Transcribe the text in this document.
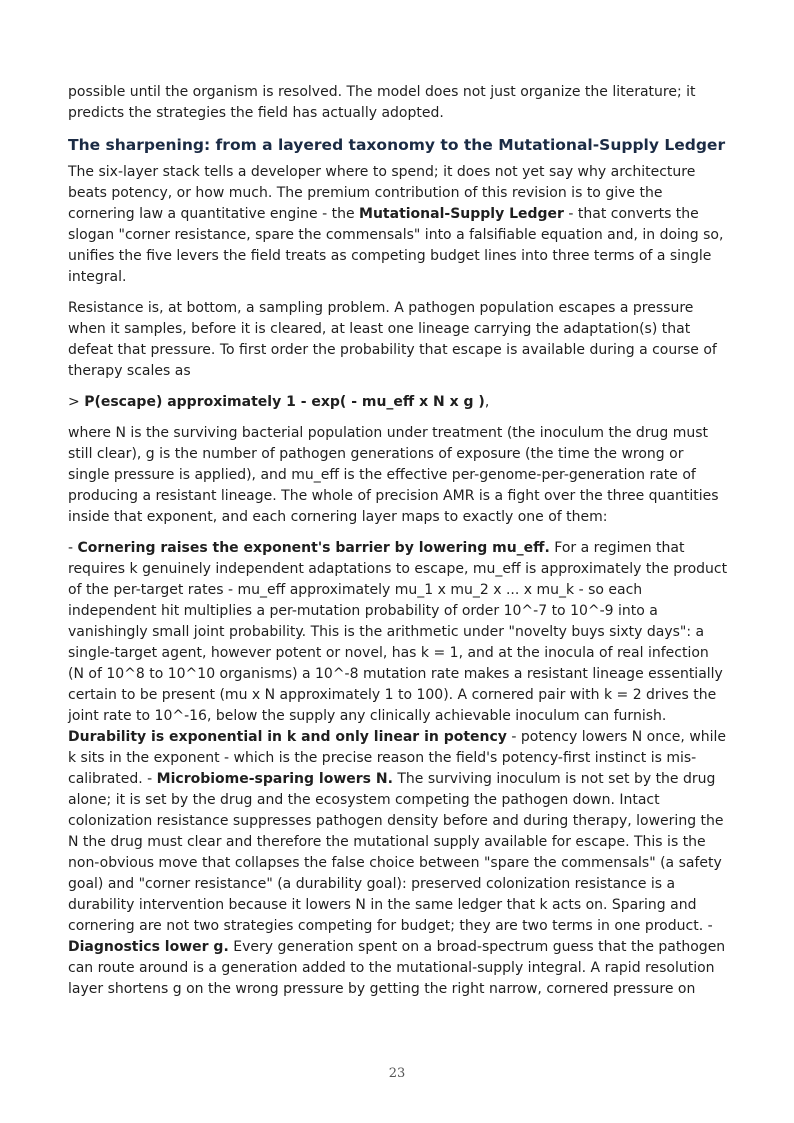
possible until the organism is resolved. The model does not just organize the literature; it predicts the strategies the field has actually adopted.

The sharpening: from a layered taxonomy to the Mutational-Supply Ledger

The six-layer stack tells a developer where to spend; it does not yet say why architecture beats potency, or how much. The premium contribution of this revision is to give the cornering law a quantitative engine - the Mutational-Supply Ledger - that converts the slogan "corner resistance, spare the commensals" into a falsifiable equation and, in doing so, unifies the five levers the field treats as competing budget lines into three terms of a single integral.

Resistance is, at bottom, a sampling problem. A pathogen population escapes a pressure when it samples, before it is cleared, at least one lineage carrying the adaptation(s) that defeat that pressure. To first order the probability that escape is available during a course of therapy scales as

> P(escape) approximately 1 - exp( - mu_eff x N x g ),

where N is the surviving bacterial population under treatment (the inoculum the drug must still clear), g is the number of pathogen generations of exposure (the time the wrong or single pressure is applied), and mu_eff is the effective per-genome-per-generation rate of producing a resistant lineage. The whole of precision AMR is a fight over the three quantities inside that exponent, and each cornering layer maps to exactly one of them:

- Cornering raises the exponent's barrier by lowering mu_eff. For a regimen that requires k genuinely independent adaptations to escape, mu_eff is approximately the product of the per-target rates - mu_eff approximately mu_1 x mu_2 x ... x mu_k - so each independent hit multiplies a per-mutation probability of order 10^-7 to 10^-9 into a vanishingly small joint probability. This is the arithmetic under "novelty buys sixty days": a single-target agent, however potent or novel, has k = 1, and at the inocula of real infection (N of 10^8 to 10^10 organisms) a 10^-8 mutation rate makes a resistant lineage essentially certain to be present (mu x N approximately 1 to 100). A cornered pair with k = 2 drives the joint rate to 10^-16, below the supply any clinically achievable inoculum can furnish. Durability is exponential in k and only linear in potency - potency lowers N once, while k sits in the exponent - which is the precise reason the field's potency-first instinct is mis-calibrated. - Microbiome-sparing lowers N. The surviving inoculum is not set by the drug alone; it is set by the drug and the ecosystem competing the pathogen down. Intact colonization resistance suppresses pathogen density before and during therapy, lowering the N the drug must clear and therefore the mutational supply available for escape. This is the non-obvious move that collapses the false choice between "spare the commensals" (a safety goal) and "corner resistance" (a durability goal): preserved colonization resistance is a durability intervention because it lowers N in the same ledger that k acts on. Sparing and cornering are not two strategies competing for budget; they are two terms in one product. - Diagnostics lower g. Every generation spent on a broad-spectrum guess that the pathogen can route around is a generation added to the mutational-supply integral. A rapid resolution layer shortens g on the wrong pressure by getting the right narrow, cornered pressure on

23
